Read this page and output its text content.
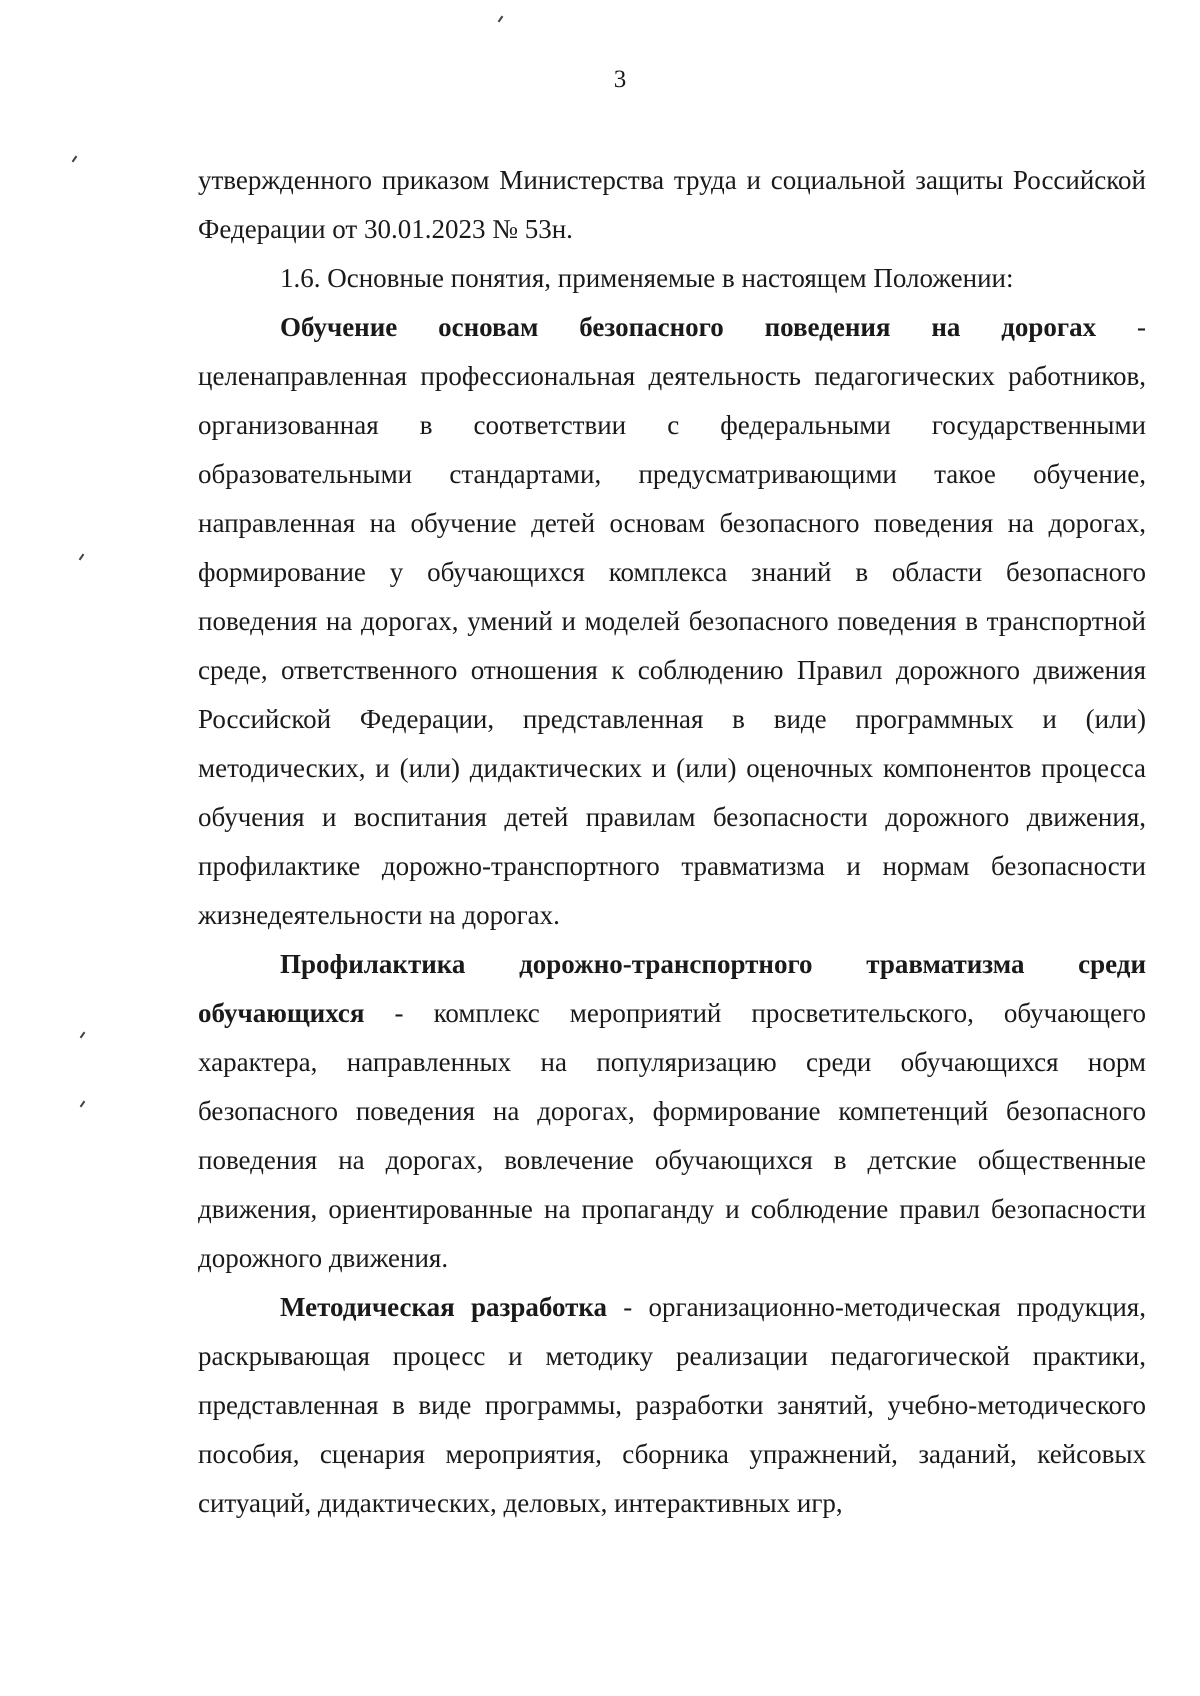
3

утвержденного приказом Министерства труда и социальной защиты Российской Федерации от 30.01.2023 № 53н.

1.6. Основные понятия, применяемые в настоящем Положении:

Обучение основам безопасного поведения на дорогах - целенаправленная профессиональная деятельность педагогических работников, организованная в соответствии с федеральными государственными образовательными стандартами, предусматривающими такое обучение, направленная на обучение детей основам безопасного поведения на дорогах, формирование у обучающихся комплекса знаний в области безопасного поведения на дорогах, умений и моделей безопасного поведения в транспортной среде, ответственного отношения к соблюдению Правил дорожного движения Российской Федерации, представленная в виде программных и (или) методических, и (или) дидактических и (или) оценочных компонентов процесса обучения и воспитания детей правилам безопасности дорожного движения, профилактике дорожно-транспортного травматизма и нормам безопасности жизнедеятельности на дорогах.

Профилактика дорожно-транспортного травматизма среди обучающихся - комплекс мероприятий просветительского, обучающего характера, направленных на популяризацию среди обучающихся норм безопасного поведения на дорогах, формирование компетенций безопасного поведения на дорогах, вовлечение обучающихся в детские общественные движения, ориентированные на пропаганду и соблюдение правил безопасности дорожного движения.

Методическая разработка - организационно-методическая продукция, раскрывающая процесс и методику реализации педагогической практики, представленная в виде программы, разработки занятий, учебно-методического пособия, сценария мероприятия, сборника упражнений, заданий, кейсовых ситуаций, дидактических, деловых, интерактивных игр,
